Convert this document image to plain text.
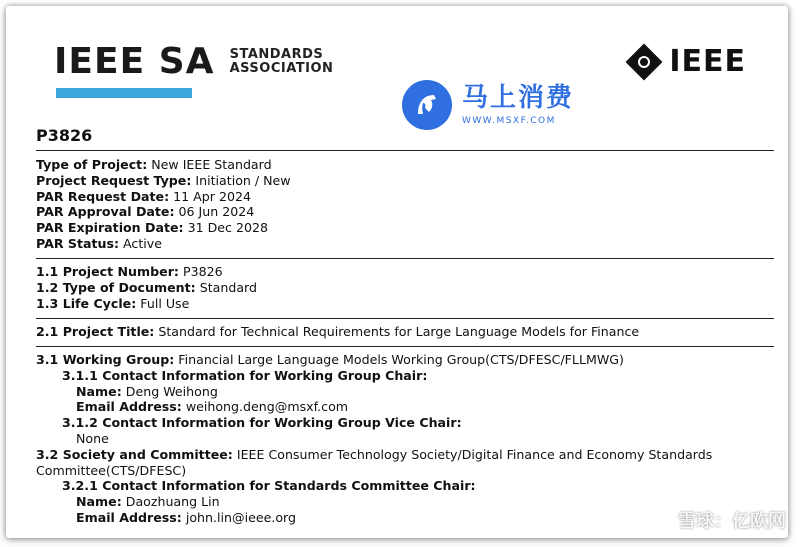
IEEE SA STANDARDS
ASSOCIATION	IEEE
马上消费
WWW.MSXF.COM
P3826
Type of Project: New IEEE Standard
Project Request Type: Initiation / New
PAR Request Date: 11 Apr 2024
PAR Approval Date: 06 Jun 2024
PAR Expiration Date: 31 Dec 2028
PAR Status: Active
1.1 Project Number: P3826
1.2 Type of Document: Standard
1.3 Life Cycle: Full Use
2.1 Project Title: Standard for Technical Requirements for Large Language Models for Finance
3.1 Working Group: Financial Large Language Models Working Group(CTS/DFESC/FLLMWG)
3.1.1 Contact Information for Working Group Chair:
Name: Deng Weihong
Email Address: weihong.deng@msxf.com
3.1.2 Contact Information for Working Group Vice Chair:
None
3.2 Society and Committee: IEEE Consumer Technology Society/Digital Finance and Economy Standards Committee(CTS/DFESC)
3.2.1 Contact Information for Standards Committee Chair:
Name: Daozhuang Lin
Email Address: john.lin@ieee.org	雪球：亿欧网
